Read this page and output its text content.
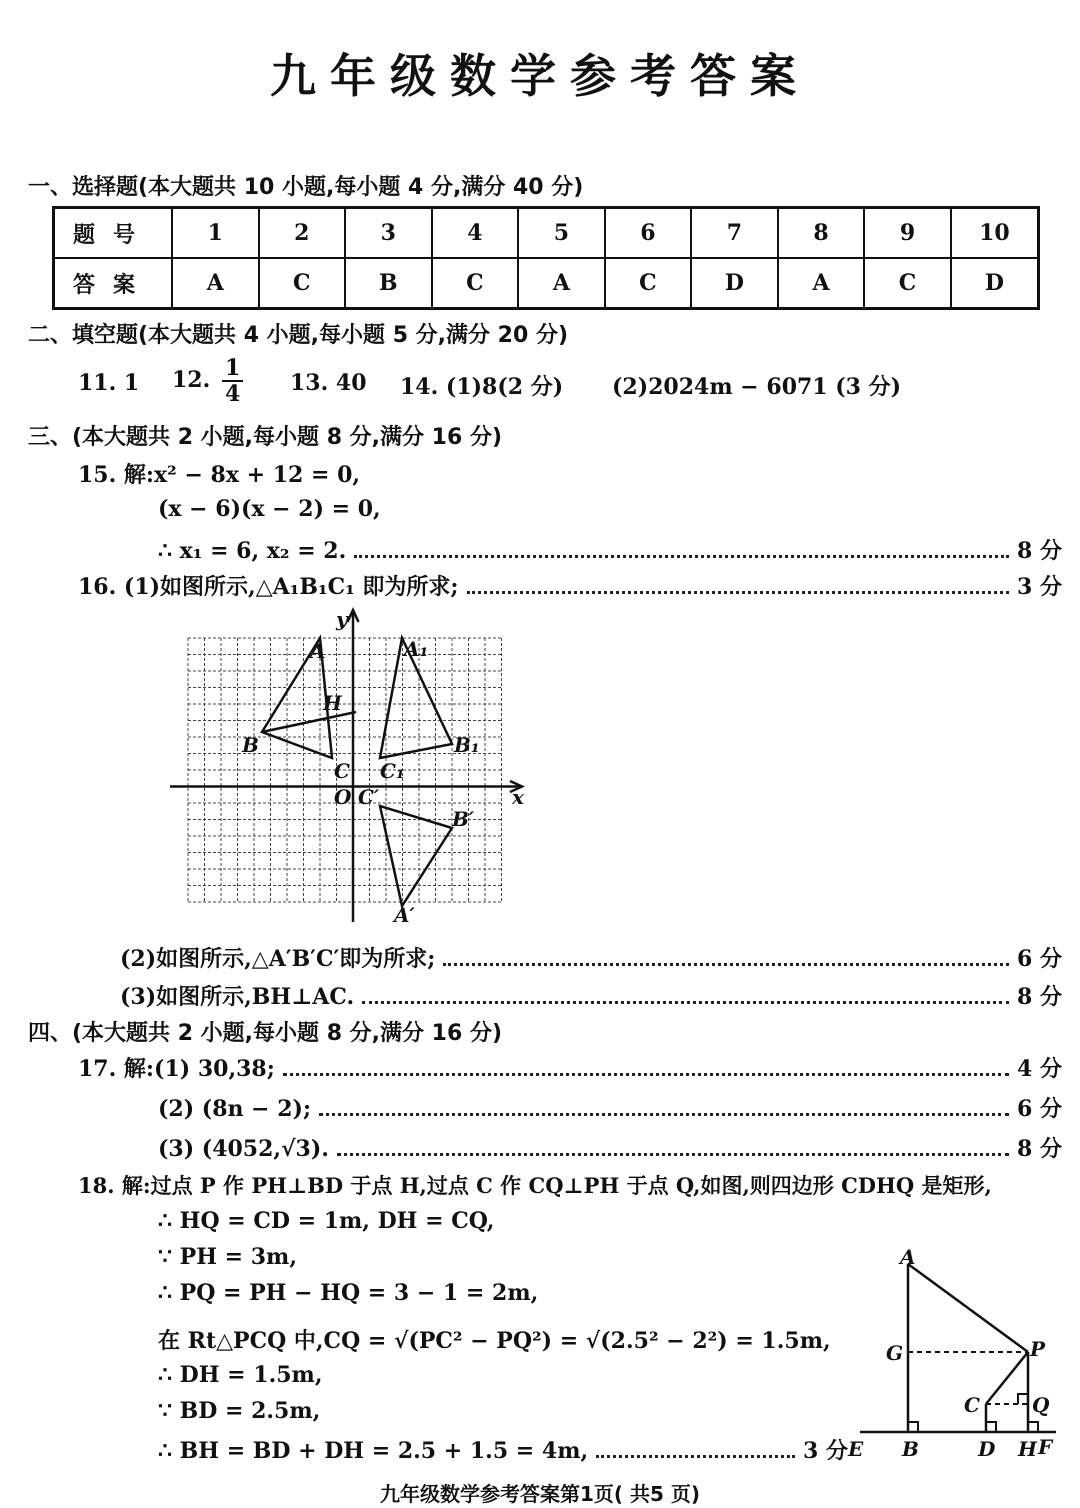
九年级数学参考答案
一、选择题(本大题共 10 小题,每小题 4 分,满分 40 分)
题号	1	2	3	4	5	6	7	8	9	10
答案	A	C	B	C	A	C	D	A	C	D
二、填空题(本大题共 4 小题,每小题 5 分,满分 20 分)
11. 1 12. $\frac{1}{4} 13$. 40 14. (1)8(2 分) (2)2024m − 6071 (3 分)
三、(本大题共 2 小题,每小题 8 分,满分 16 分)
15. 解:x² − 8x + 12 = 0,
(x − 6)(x − 2) = 0,
∴ x₁ = 6, x₂ = 2.	8 分
16. (1)如图所示,△A₁B₁C₁ 即为所求;	3 分
y
x
O
A
B
C
H
A₁
B₁
C₁
A′
B′
C′
(2)如图所示,△A′B′C′即为所求;	6 分
(3)如图所示,BH⊥AC.	8 分
四、(本大题共 2 小题,每小题 8 分,满分 16 分)
17. 解:(1) 30,38;	4 分
(2) (8n − 2);	6 分
(3) (4052,√3).	8 分
18. 解:过点 P 作 PH⊥BD 于点 H,过点 C 作 CQ⊥PH 于点 Q,如图,则四边形 CDHQ 是矩形,
∴ HQ = CD = 1m, DH = CQ,
∵ PH = 3m,
∴ PQ = PH − HQ = 3 − 1 = 2m,
在 Rt△PCQ 中,CQ = √(PC² − PQ²) = √(2.5² − 2²) = 1.5m,
∴ DH = 1.5m,
∵ BD = 2.5m,
∴ BH = BD + DH = 2.5 + 1.5 = 4m,	3 分
A
G	P
C	Q
E B	D H F
九年级数学参考答案第1页( 共5 页)
